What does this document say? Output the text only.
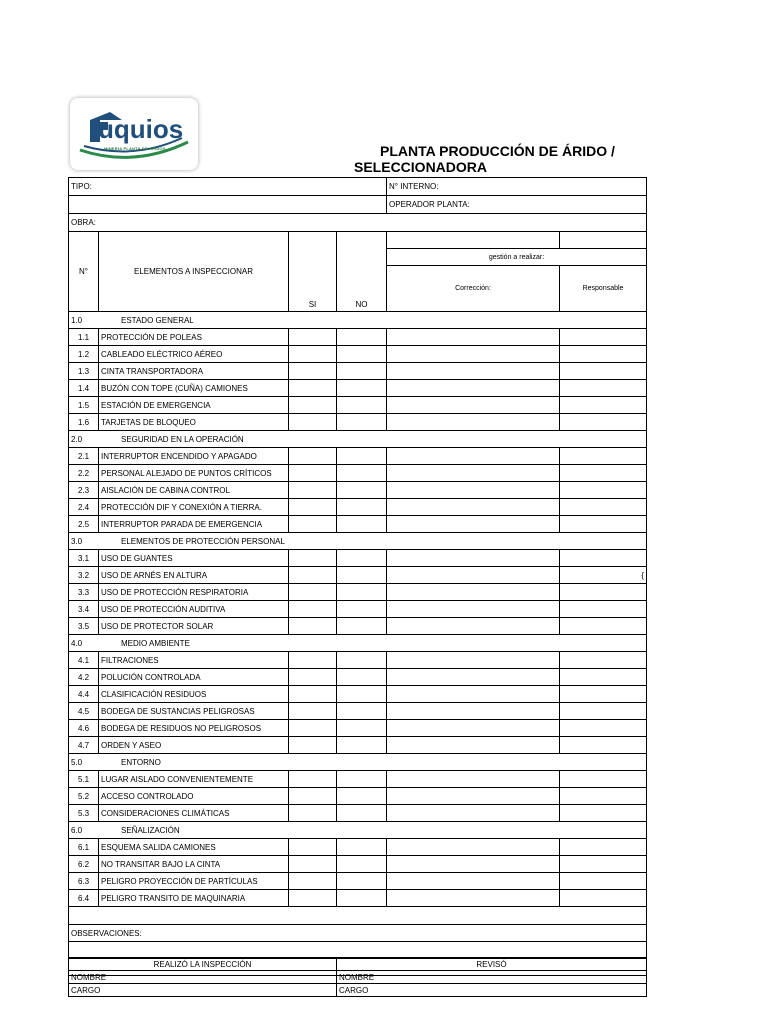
uquios
MINERIA PLANTA DE ARIDOS	PLANTA PRODUCCIÓN DE ÁRIDO /
SELECCIONADORA
TIPO:				N° INTERNO:	
				OPERADOR PLANTA:	
OBRA:					
N°	ELEMENTOS A INSPECCIONAR	SI	NO		
				gestión a realizar:	
				Corrección:	Responsable
1.0 ESTADO GENERAL					
1.1	PROTECCIÓN DE POLEAS				
1.2	CABLEADO ELÉCTRICO AÉREO				
1.3	CINTA TRANSPORTADORA				
1.4	BUZÓN CON TOPE (CUÑA) CAMIONES				
1.5	ESTACIÓN DE EMERGENCIA				
1.6	TARJETAS DE BLOQUEO				
2.0 SEGURIDAD EN LA OPERACIÓN					
2.1	INTERRUPTOR ENCENDIDO Y APAGADO				
2.2	PERSONAL ALEJADO DE PUNTOS CRÍTICOS				
2.3	AISLACIÓN DE CABINA CONTROL				
2.4	PROTECCIÓN DIF Y CONEXIÓN A TIERRA.				
2.5	INTERRUPTOR PARADA DE EMERGENCIA				
3.0 ELEMENTOS DE PROTECCIÓN PERSONAL					
3.1	USO DE GUANTES				
3.2	USO DE ARNÉS EN ALTURA				{
3.3	USO DE PROTECCIÓN RESPIRATORIA				
3.4	USO DE PROTECCIÓN AUDITIVA				
3.5	USO DE PROTECTOR SOLAR				
4.0 MEDIO AMBIENTE					
4.1	FILTRACIONES				
4.2	POLUCIÓN CONTROLADA				
4.4	CLASIFICACIÓN RESIDUOS				
4.5	BODEGA DE SUSTANCIAS PELIGROSAS				
4.6	BODEGA DE RESIDUOS NO PELIGROSOS				
4.7	ORDEN Y ASEO				
5.0 ENTORNO					
5.1	LUGAR AISLADO CONVENIENTEMENTE				
5.2	ACCESO CONTROLADO				
5.3	CONSIDERACIONES CLIMÁTICAS				
6.0 SEÑALIZACIÓN					
6.1	ESQUEMA SALIDA CAMIONES				
6.2	NO TRANSITAR BAJO LA CINTA				
6.3	PELIGRO PROYECCIÓN DE PARTÍCULAS				
6.4	PELIGRO TRANSITO DE MAQUINARIA				

OBSERVACIONES:					

REALIZÓ LA INSPECCIÓN	REVISÓ
NOMBRE	NOMBRE
CARGO	CARGO
